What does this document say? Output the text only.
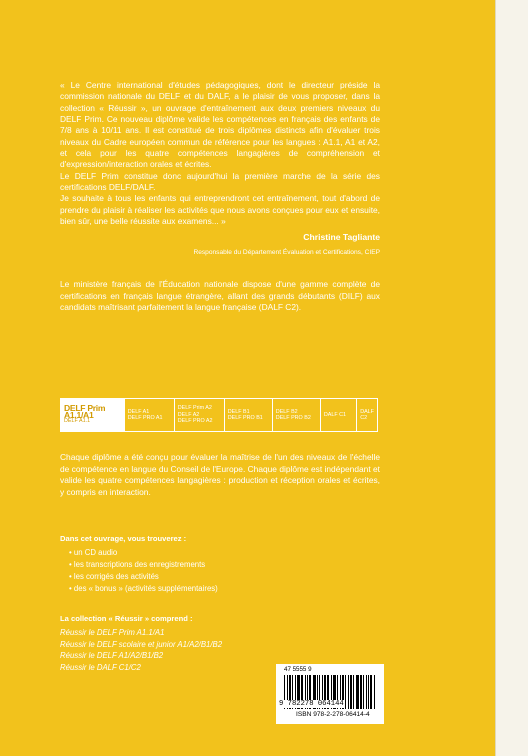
« Le Centre international d'études pédagogiques, dont le directeur préside la commission nationale du DELF et du DALF, a le plaisir de vous proposer, dans la collection « Réussir », un ouvrage d'entraînement aux deux premiers niveaux du DELF Prim. Ce nouveau diplôme valide les compétences en français des enfants de 7/8 ans à 10/11 ans. Il est constitué de trois diplômes distincts afin d'évaluer trois niveaux du Cadre européen commun de référence pour les langues : A1.1, A1 et A2, et cela pour les quatre compétences langagières de compréhension et d'expression/interaction orales et écrites.

Le DELF Prim constitue donc aujourd'hui la première marche de la série des certifications DELF/DALF.

Je souhaite à tous les enfants qui entreprendront cet entraînement, tout d'abord de prendre du plaisir à réaliser les activités que nous avons conçues pour eux et ensuite, bien sûr, une belle réussite aux examens... »

Christine Tagliante
Responsable du Département Évaluation et Certifications, CIEP
Le ministère français de l'Éducation nationale dispose d'une gamme complète de certifications en français langue étrangère, allant des grands débutants (DILF) aux candidats maîtrisant parfaitement la langue française (DALF C2).
DELF Prim A1.1/A1
DELF A1.1
DELF A1
DELF PRO A1
DELF Prim A2
DELF A2
DELF PRO A2
DELF B1
DELF PRO B1
DELF B2
DELF PRO B2
DALF C1
DALF C2
Chaque diplôme a été conçu pour évaluer la maîtrise de l'un des niveaux de l'échelle de compétence en langue du Conseil de l'Europe. Chaque diplôme est indépendant et valide les quatre compétences langagières : production et réception orales et écrites, y compris en interaction.
Dans cet ouvrage, vous trouverez :
• un CD audio
• les transcriptions des enregistrements
• les corrigés des activités
• des « bonus » (activités supplémentaires)
La collection « Réussir » comprend :
Réussir le DELF Prim A1.1/A1
Réussir le DELF scolaire et junior A1/A2/B1/B2
Réussir le DELF A1/A2/B1/B2
Réussir le DALF C1/C2	47 5555 9
9 782278 064144
ISBN 978-2-278-06414-4
